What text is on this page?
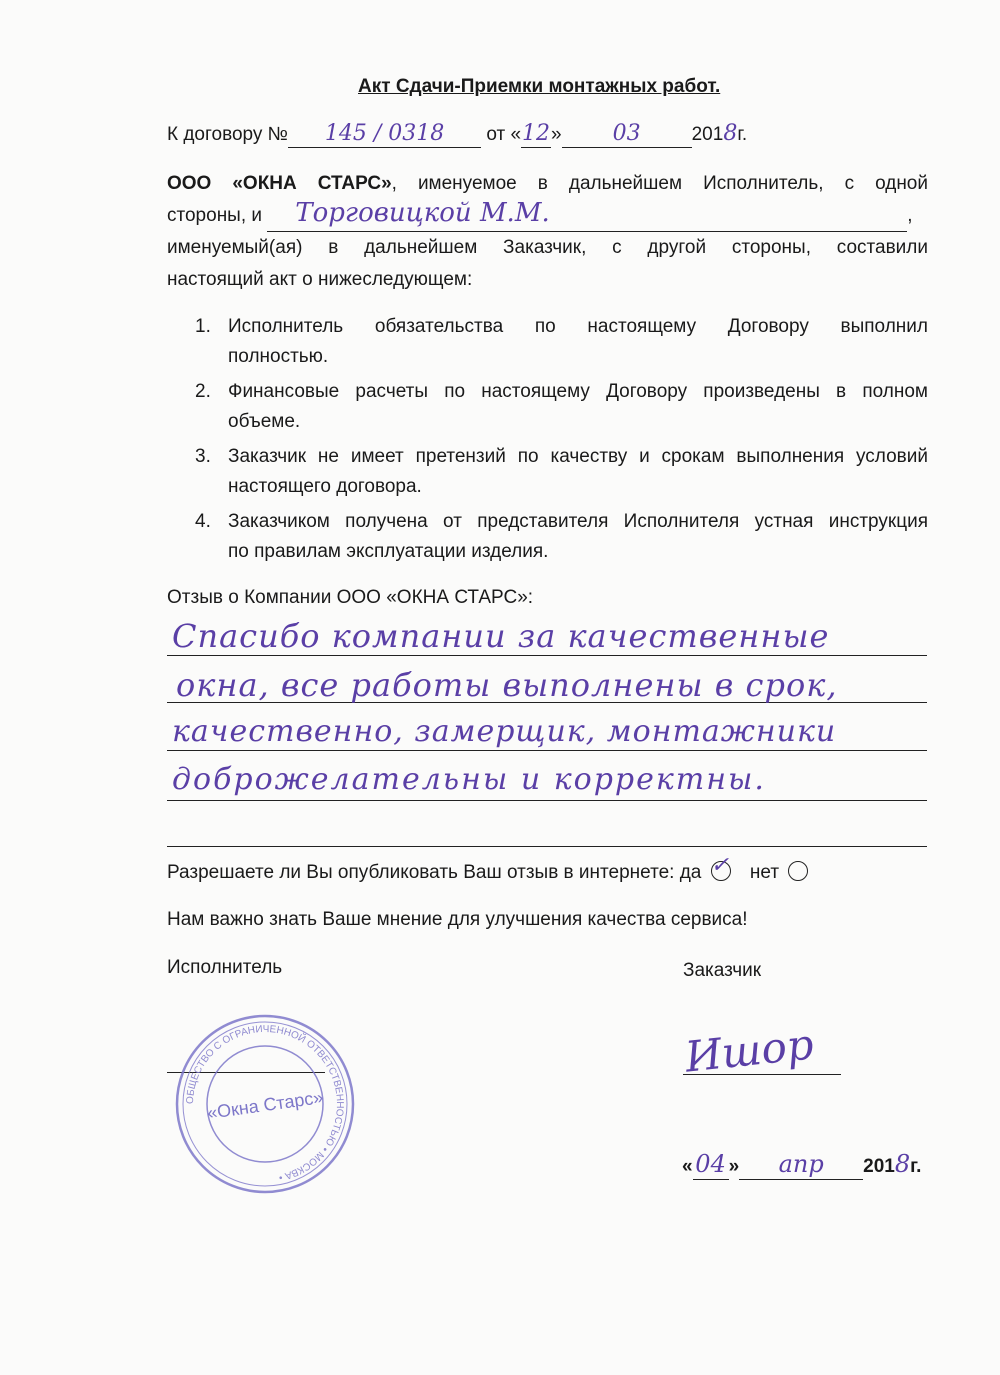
Акт Сдачи-Приемки монтажных работ.
К договору № 145 / 0318 от «12» 03	2018г.
ООО «ОКНА СТАРС», именуемое в дальнейшем Исполнитель, с одной
стороны, и Торговицкой М.М.	,
именуемый(ая) в дальнейшем Заказчик, с другой стороны, составили
настоящий акт о нижеследующем:
1. Исполнитель обязательства по настоящему Договору выполнил
полностью.
2. Финансовые расчеты по настоящему Договору произведены в полном
объеме.
3. Заказчик не имеет претензий по качеству и срокам выполнения условий
настоящего договора.
4. Заказчиком получена от представителя Исполнителя устная инструкция
по правилам эксплуатации изделия.
Отзыв о Компании ООО «ОКНА СТАРС»:
Спасибо компании за качественные
окна, все работы выполнены в срок,
качественно, замерщик, монтажники
доброжелательны и корректны.
Разрешаете ли Вы опубликовать Ваш отзыв в интернете: да ✓ нет
Нам важно знать Ваше мнение для улучшения качества сервиса!
Исполнитель	Заказчик
ОБЩЕСТВО С ОГРАНИЧЕННОЙ ОТВЕТСТВЕННОСТЬЮ • МОСКВА •
«Окна Старс»
Ишор
« 04 » апр 2018г.
